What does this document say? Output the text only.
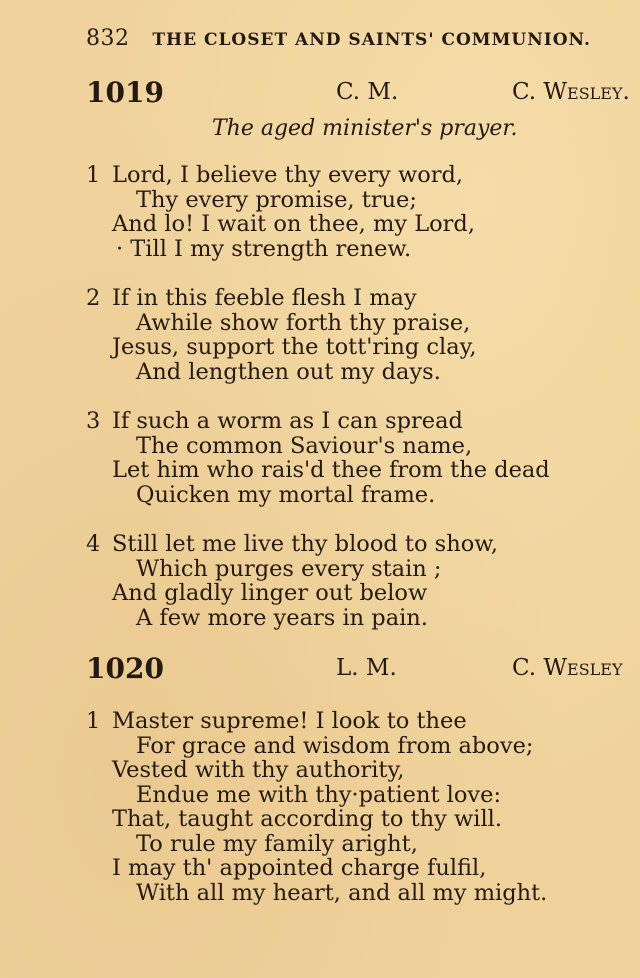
832 THE CLOSET AND SAINTS' COMMUNION.
1019	C. M.	C. Wesley.
The aged minister's prayer.
1 Lord, I believe thy every word,
Thy every promise, true;
And lo! I wait on thee, my Lord,
· Till I my strength renew.
2 If in this feeble flesh I may
Awhile show forth thy praise,
Jesus, support the tott'ring clay,
And lengthen out my days.
3 If such a worm as I can spread
The common Saviour's name,
Let him who rais'd thee from the dead
Quicken my mortal frame.
4 Still let me live thy blood to show,
Which purges every stain ;
And gladly linger out below
A few more years in pain.
1020	L. M.	C. Wesley
1 Master supreme! I look to thee
For grace and wisdom from above;
Vested with thy authority,
Endue me with thy·patient love:
That, taught according to thy will.
To rule my family aright,
I may th' appointed charge fulfil,
With all my heart, and all my might.
